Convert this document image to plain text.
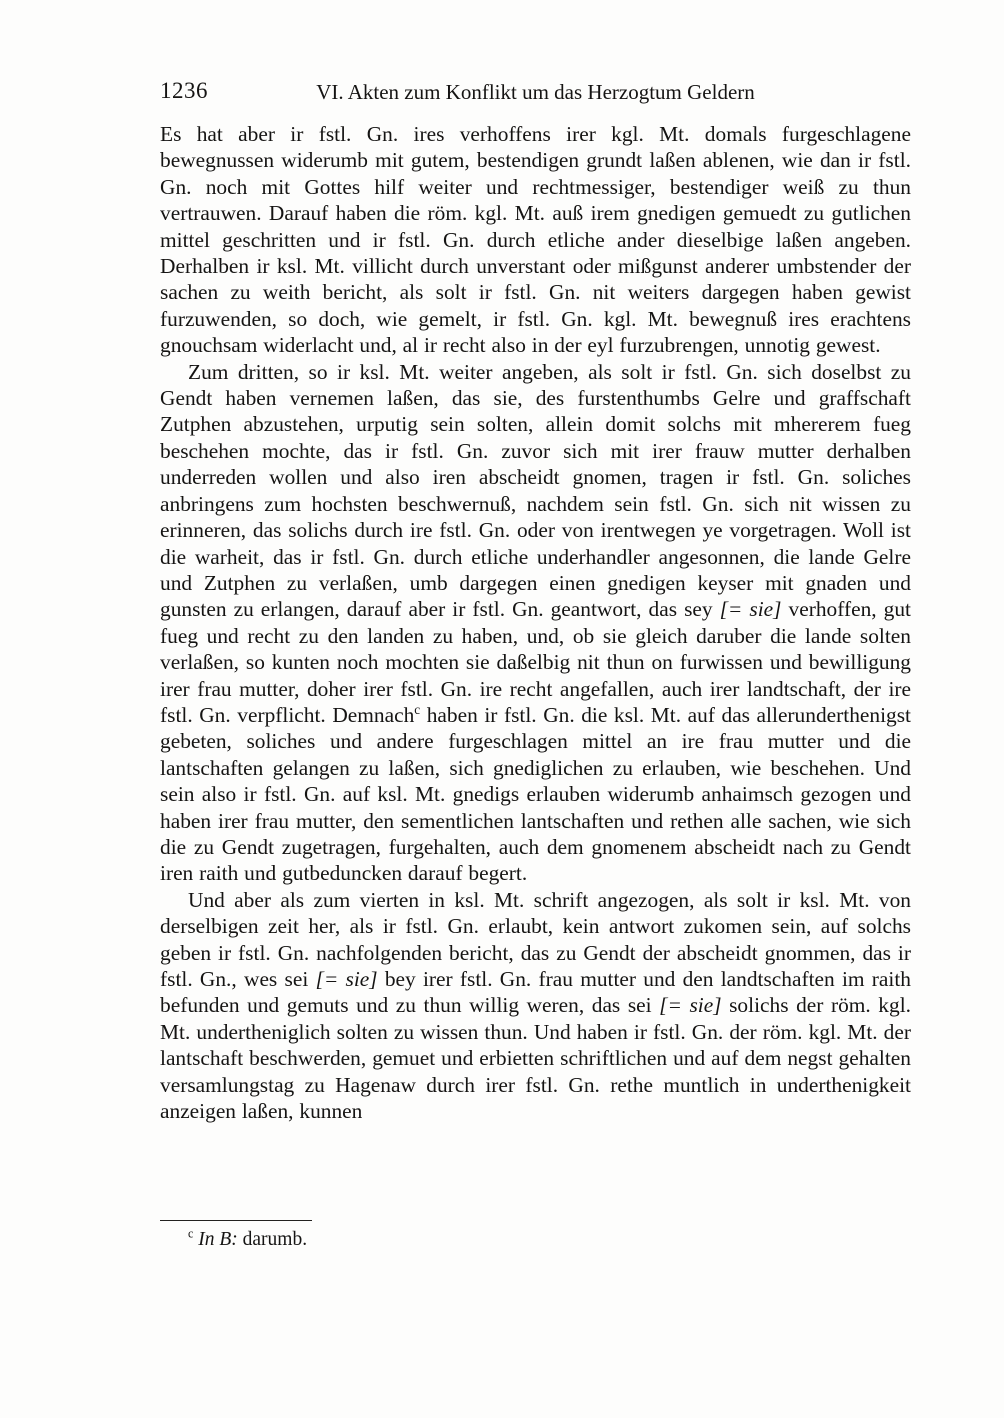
1236	VI. Akten zum Konflikt um das Herzogtum Geldern

Es hat aber ir fstl. Gn. ires verhoffens irer kgl. Mt. domals furgeschlagene bewegnussen widerumb mit gutem, bestendigen grundt laßen ablenen, wie dan ir fstl. Gn. noch mit Gottes hilf weiter und rechtmessiger, bestendiger weiß zu thun vertrauwen. Darauf haben die röm. kgl. Mt. auß irem gnedigen gemuedt zu gutlichen mittel geschritten und ir fstl. Gn. durch etliche ander dieselbige laßen angeben. Derhalben ir ksl. Mt. villicht durch unverstant oder mißgunst anderer umbstender der sachen zu weith bericht, als solt ir fstl. Gn. nit weiters dargegen haben gewist furzuwenden, so doch, wie gemelt, ir fstl. Gn. kgl. Mt. bewegnuß ires erachtens gnouchsam widerlacht und, al ir recht also in der eyl furzubrengen, unnotig gewest.

Zum dritten, so ir ksl. Mt. weiter angeben, als solt ir fstl. Gn. sich doselbst zu Gendt haben vernemen laßen, das sie, des furstenthumbs Gelre und graffschaft Zutphen abzustehen, urputig sein solten, allein domit solchs mit mhererem fueg beschehen mochte, das ir fstl. Gn. zuvor sich mit irer frauw mutter derhalben underreden wollen und also iren abscheidt gnomen, tragen ir fstl. Gn. soliches anbringens zum hochsten beschwernuß, nachdem sein fstl. Gn. sich nit wissen zu erinneren, das solichs durch ire fstl. Gn. oder von irentwegen ye vorgetragen. Woll ist die warheit, das ir fstl. Gn. durch etliche underhandler angesonnen, die lande Gelre und Zutphen zu verlaßen, umb dargegen einen gnedigen keyser mit gnaden und gunsten zu erlangen, darauf aber ir fstl. Gn. geantwort, das sey [= sie] verhoffen, gut fueg und recht zu den landen zu haben, und, ob sie gleich daruber die lande solten verlaßen, so kunten noch mochten sie daßelbig nit thun on furwissen und bewilligung irer frau mutter, doher irer fstl. Gn. ire recht angefallen, auch irer landtschaft, der ire fstl. Gn. verpflicht. Demnach$^c$ haben ir fstl. Gn. die ksl. Mt. auf das allerunderthenigst gebeten, soliches und andere furgeschlagen mittel an ire frau mutter und die lantschaften gelangen zu laßen, sich gnediglichen zu erlauben, wie beschehen. Und sein also ir fstl. Gn. auf ksl. Mt. gnedigs erlauben widerumb anhaimsch gezogen und haben irer frau mutter, den sementlichen lantschaften und rethen alle sachen, wie sich die zu Gendt zugetragen, furgehalten, auch dem gnomenem abscheidt nach zu Gendt iren raith und gutbeduncken darauf begert.

Und aber als zum vierten in ksl. Mt. schrift angezogen, als solt ir ksl. Mt. von derselbigen zeit her, als ir fstl. Gn. erlaubt, kein antwort zukomen sein, auf solchs geben ir fstl. Gn. nachfolgenden bericht, das zu Gendt der abscheidt gnommen, das ir fstl. Gn., wes sei [= sie] bey irer fstl. Gn. frau mutter und den landtschaften im raith befunden und gemuts und zu thun willig weren, das sei [= sie] solichs der röm. kgl. Mt. undertheniglich solten zu wissen thun. Und haben ir fstl. Gn. der röm. kgl. Mt. der lantschaft beschwerden, gemuet und erbietten schriftlichen und auf dem negst gehalten versamlungstag zu Hagenaw durch irer fstl. Gn. rethe muntlich in underthenigkeit anzeigen laßen, kunnen

$^c$ In B: darumb.
